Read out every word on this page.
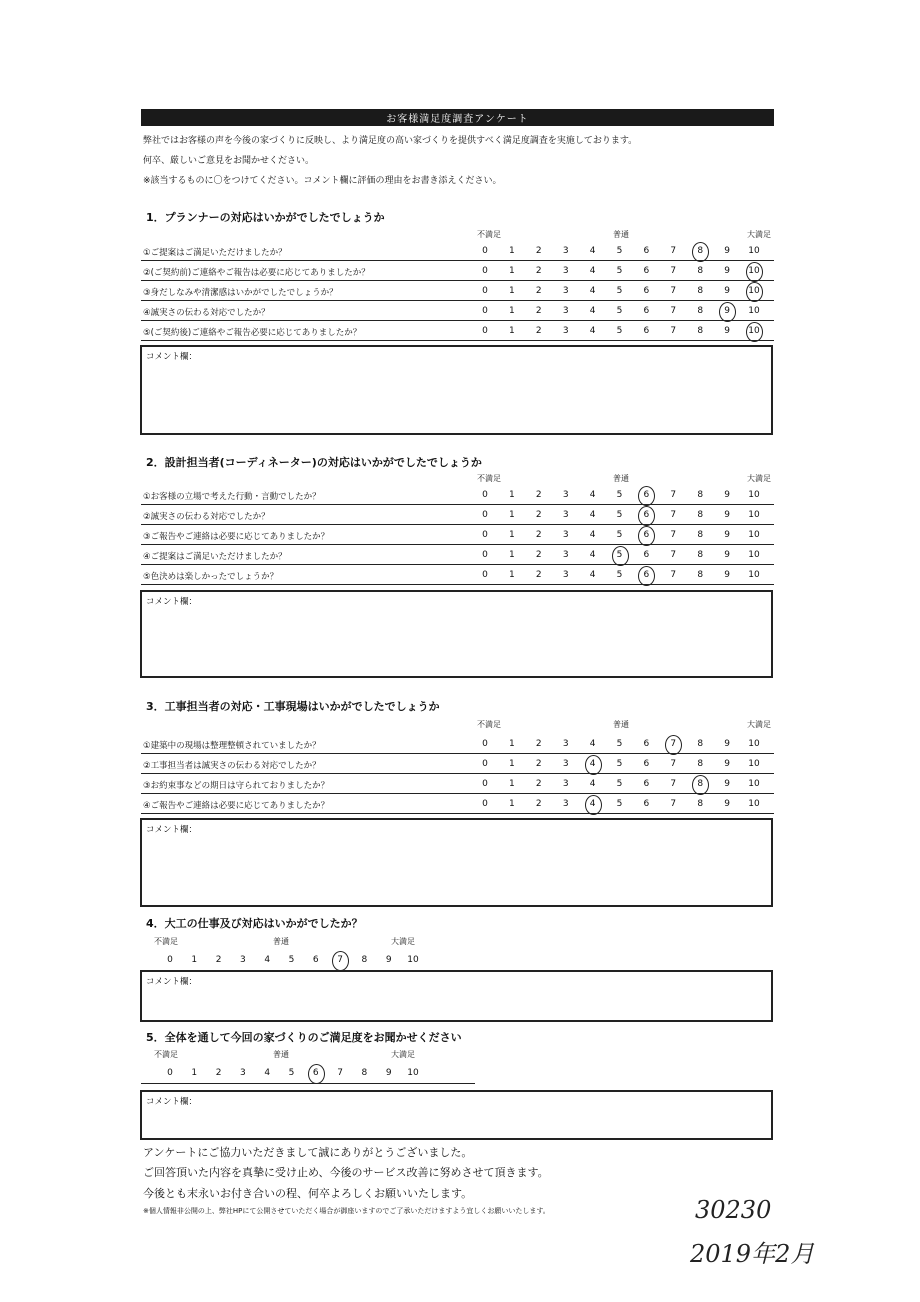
お客様満足度調査アンケート
弊社ではお客様の声を今後の家づくりに反映し、より満足度の高い家づくりを提供すべく満足度調査を実施しております。
何卒、厳しいご意見をお聞かせください。
※該当するものに〇をつけてください。コメント欄に評価の理由をお書き添えください。
1．プランナーの対応はいかがでしたでしょうか
不満足	普通	大満足
①ご提案はご満足いただけましたか？	0	1	2	3	4	5	6	7	8	9	10
②(ご契約前)ご連絡やご報告は必要に応じてありましたか？	0	1	2	3	4	5	6	7	8	9	10
③身だしなみや清潔感はいかがでしたでしょうか？	0	1	2	3	4	5	6	7	8	9	10
④誠実さの伝わる対応でしたか？	0	1	2	3	4	5	6	7	8	9	10
⑤(ご契約後)ご連絡やご報告必要に応じてありましたか？	0	1	2	3	4	5	6	7	8	9	10
コメント欄：
2．設計担当者(コーディネーター)の対応はいかがでしたでしょうか
不満足	普通	大満足
①お客様の立場で考えた行動・言動でしたか？	0	1	2	3	4	5	6	7	8	9	10
②誠実さの伝わる対応でしたか？	0	1	2	3	4	5	6	7	8	9	10
③ご報告やご連絡は必要に応じてありましたか？	0	1	2	3	4	5	6	7	8	9	10
④ご提案はご満足いただけましたか？	0	1	2	3	4	5	6	7	8	9	10
⑤色決めは楽しかったでしょうか？	0	1	2	3	4	5	6	7	8	9	10
コメント欄：
3．工事担当者の対応・工事現場はいかがでしたでしょうか
不満足	普通	大満足
①建築中の現場は整理整頓されていましたか？	0	1	2	3	4	5	6	7	8	9	10
②工事担当者は誠実さの伝わる対応でしたか？	0	1	2	3	4	5	6	7	8	9	10
③お約束事などの期日は守られておりましたか？	0	1	2	3	4	5	6	7	8	9	10
④ご報告やご連絡は必要に応じてありましたか？	0	1	2	3	4	5	6	7	8	9	10
コメント欄：
4．大工の仕事及び対応はいかがでしたか？
不満足	普通	大満足
0	1	2	3	4	5	6	7	8	9	10
コメント欄：
5．全体を通して今回の家づくりのご満足度をお聞かせください
不満足	普通	大満足
0	1	2	3	4	5	6	7	8	9	10
コメント欄：
アンケートにご協力いただきまして誠にありがとうございました。
ご回答頂いた内容を真摯に受け止め、今後のサービス改善に努めさせて頂きます。
今後とも末永いお付き合いの程、何卒よろしくお願いいたします。
※個人情報非公開の上、弊社HPにて公開させていただく場合が御座いますのでご了承いただけますよう宜しくお願いいたします。	30230
2019年2月
